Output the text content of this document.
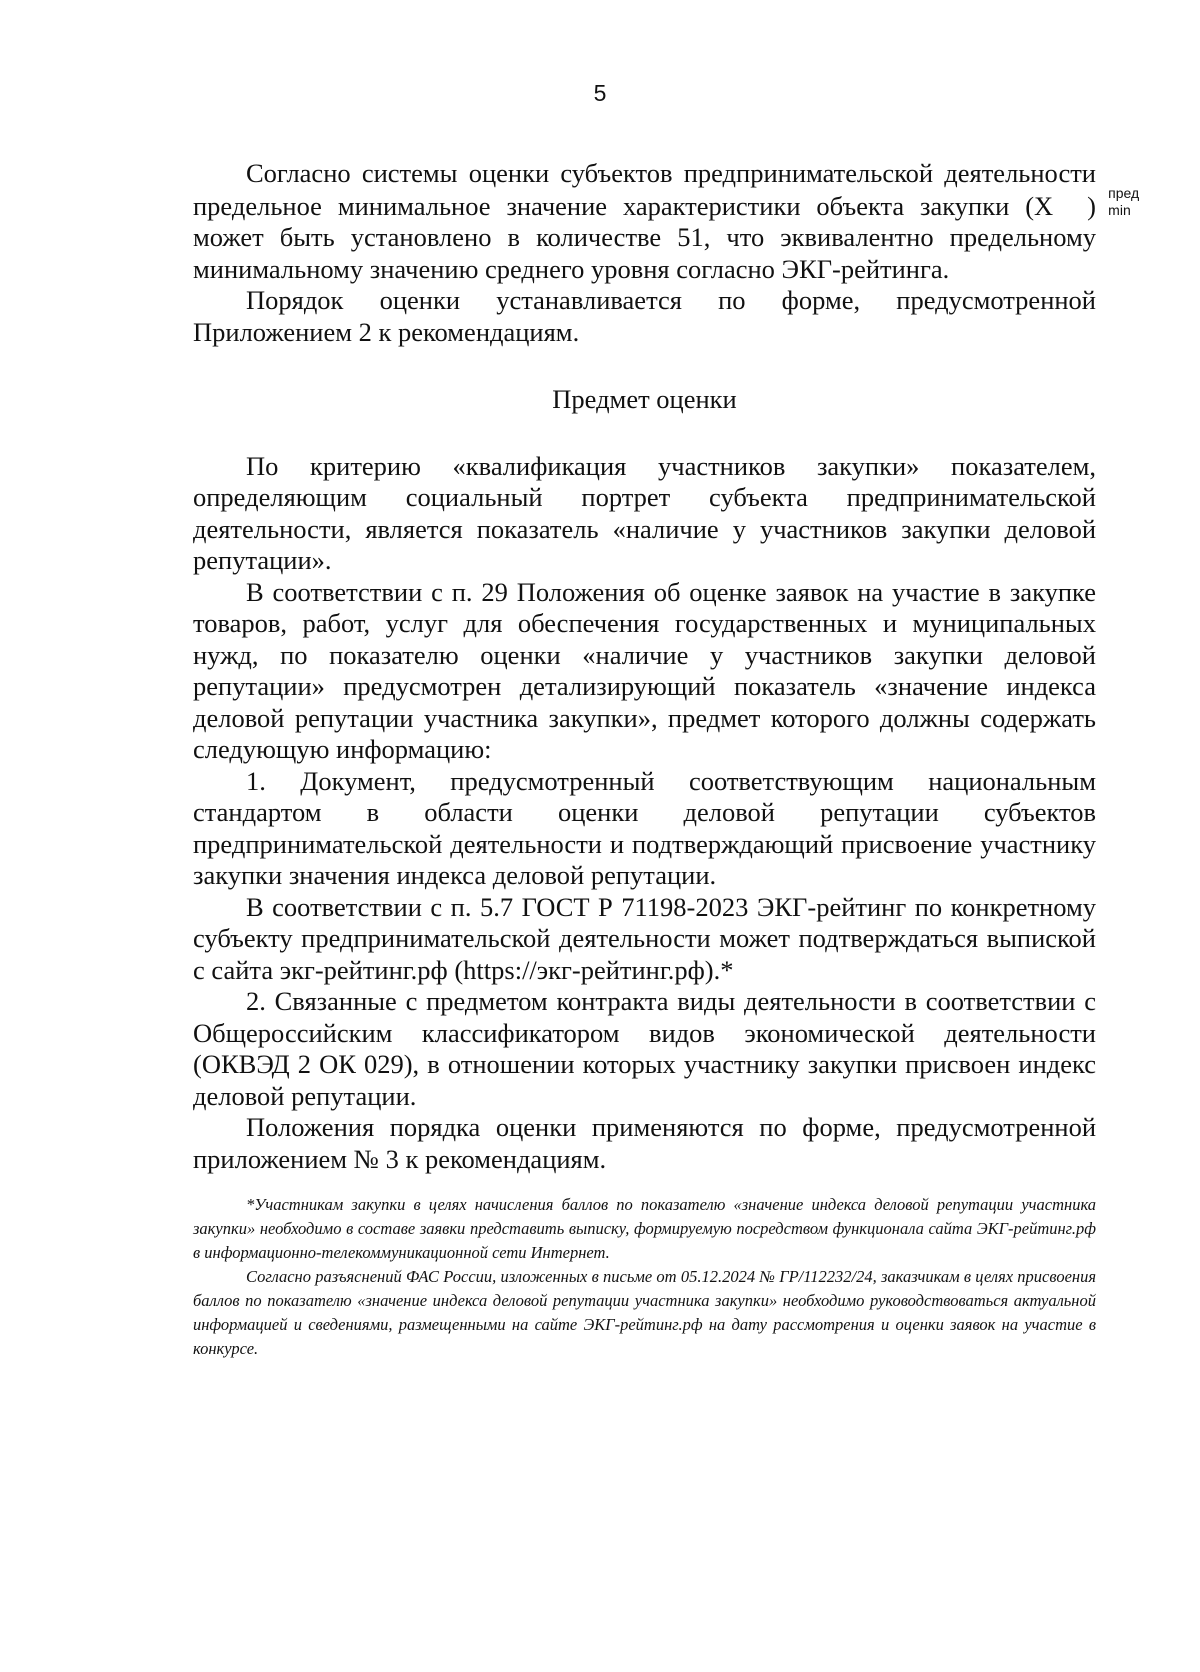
5

Согласно системы оценки субъектов предпринимательской деятельности предельное минимальное значение характеристики объекта закупки (X	пред
min
) может быть установлено в количестве 51, что эквивалентно предельному минимальному значению среднего уровня согласно ЭКГ-рейтинга.

Порядок оценки устанавливается по форме, предусмотренной Приложением 2 к рекомендациям.

Предмет оценки

По критерию «квалификация участников закупки» показателем, определяющим социальный портрет субъекта предпринимательской деятельности, является показатель «наличие у участников закупки деловой репутации».

В соответствии с п. 29 Положения об оценке заявок на участие в закупке товаров, работ, услуг для обеспечения государственных и муниципальных нужд, по показателю оценки «наличие у участников закупки деловой репутации» предусмотрен детализирующий показатель «значение индекса деловой репутации участника закупки», предмет которого должны содержать следующую информацию:

1. Документ, предусмотренный соответствующим национальным стандартом в области оценки деловой репутации субъектов предпринимательской деятельности и подтверждающий присвоение участнику закупки значения индекса деловой репутации.

В соответствии с п. 5.7 ГОСТ Р 71198-2023 ЭКГ-рейтинг по конкретному субъекту предпринимательской деятельности может подтверждаться выпиской с сайта экг-рейтинг.рф (https://экг-рейтинг.рф).*

2. Связанные с предметом контракта виды деятельности в соответствии с Общероссийским классификатором видов экономической деятельности (ОКВЭД 2 ОК 029), в отношении которых участнику закупки присвоен индекс деловой репутации.

Положения порядка оценки применяются по форме, предусмотренной приложением № 3 к рекомендациям.

*Участникам закупки в целях начисления баллов по показателю «значение индекса деловой репутации участника закупки» необходимо в составе заявки представить выписку, формируемую посредством функционала сайта ЭКГ-рейтинг.рф в информационно-телекоммуникационной сети Интернет.

Согласно разъяснений ФАС России, изложенных в письме от 05.12.2024 № ГР/112232/24, заказчикам в целях присвоения баллов по показателю «значение индекса деловой репутации участника закупки» необходимо руководствоваться актуальной информацией и сведениями, размещенными на сайте ЭКГ-рейтинг.рф на дату рассмотрения и оценки заявок на участие в конкурсе.
